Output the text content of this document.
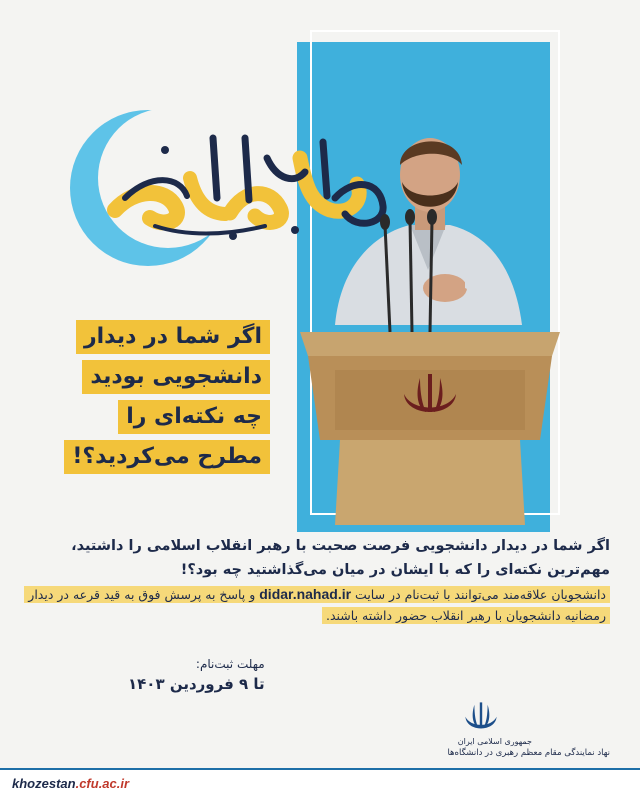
اگر شما در دیدار
دانشجویی بودید
چه نکته‌ای را
مطرح می‌کردید؟!
اگر شما در دیدار دانشجویی فرصت صحبت با رهبر انقلاب اسلامی را داشتید، مهم‌ترین نکته‌ای را که با ایشان در میان می‌گذاشتید چه بود؟!
دانشجویان علاقه‌مند می‌توانند با ثبت‌نام در سایت didar.nahad.ir و پاسخ به پرسش فوق به قید قرعه در دیدار رمضانیه دانشجویان با رهبر انقلاب حضور داشته باشند.
مهلت ثبت‌نام:
تا ۹ فروردین ۱۴۰۳
جمهوری اسلامی ایران
نهاد نمایندگی مقام معظم رهبری در دانشگاه‌ها
khozestan.cfu.ac.ir
